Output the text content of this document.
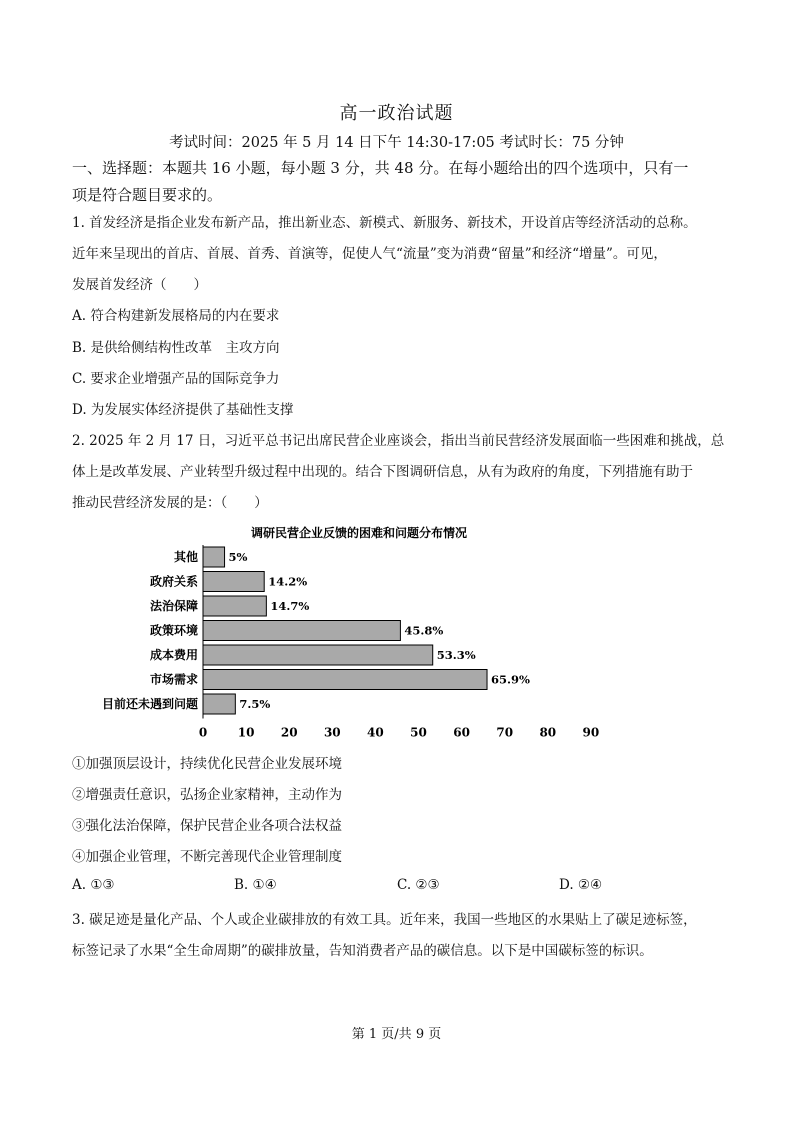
高一政治试题
考试时间：2025 年 5 月 14 日下午 14:30-17:05 考试时长：75 分钟
一、选择题：本题共 16 小题，每小题 3 分，共 48 分。在每小题给出的四个选项中，只有一
项是符合题目要求的。
1. 首发经济是指企业发布新产品，推出新业态、新模式、新服务、新技术，开设首店等经济活动的总称。
近年来呈现出的首店、首展、首秀、首演等，促使人气“流量”变为消费“留量”和经济“增量”。可见，
发展首发经济（　　）
A. 符合构建新发展格局的内在要求
B. 是供给侧结构性改革　主攻方向
C. 要求企业增强产品的国际竞争力
D. 为发展实体经济提供了基础性支撑
2. 2025 年 2 月 17 日，习近平总书记出席民营企业座谈会，指出当前民营经济发展面临一些困难和挑战，总
体上是改革发展、产业转型升级过程中出现的。结合下图调研信息，从有为政府的角度，下列措施有助于
推动民营经济发展的是：（　　）
调研民营企业反馈的困难和问题分布情况
其他	5%
政府关系	14.2%
法治保障	14.7%
政策环境	45.8%
成本费用	53.3%
市场需求	65.9%
目前还未遇到问题	7.5%
0	10 20 30 40 50 60 70 80 90
①加强顶层设计，持续优化民营企业发展环境
②增强责任意识，弘扬企业家精神，主动作为
③强化法治保障，保护民营企业各项合法权益
④加强企业管理，不断完善现代企业管理制度
A. ①③	B. ①④	C. ②③	D. ②④
3. 碳足迹是量化产品、个人或企业碳排放的有效工具。近年来，我国一些地区的水果贴上了碳足迹标签，
标签记录了水果“全生命周期”的碳排放量，告知消费者产品的碳信息。以下是中国碳标签的标识。
第 1 页/共 9 页
